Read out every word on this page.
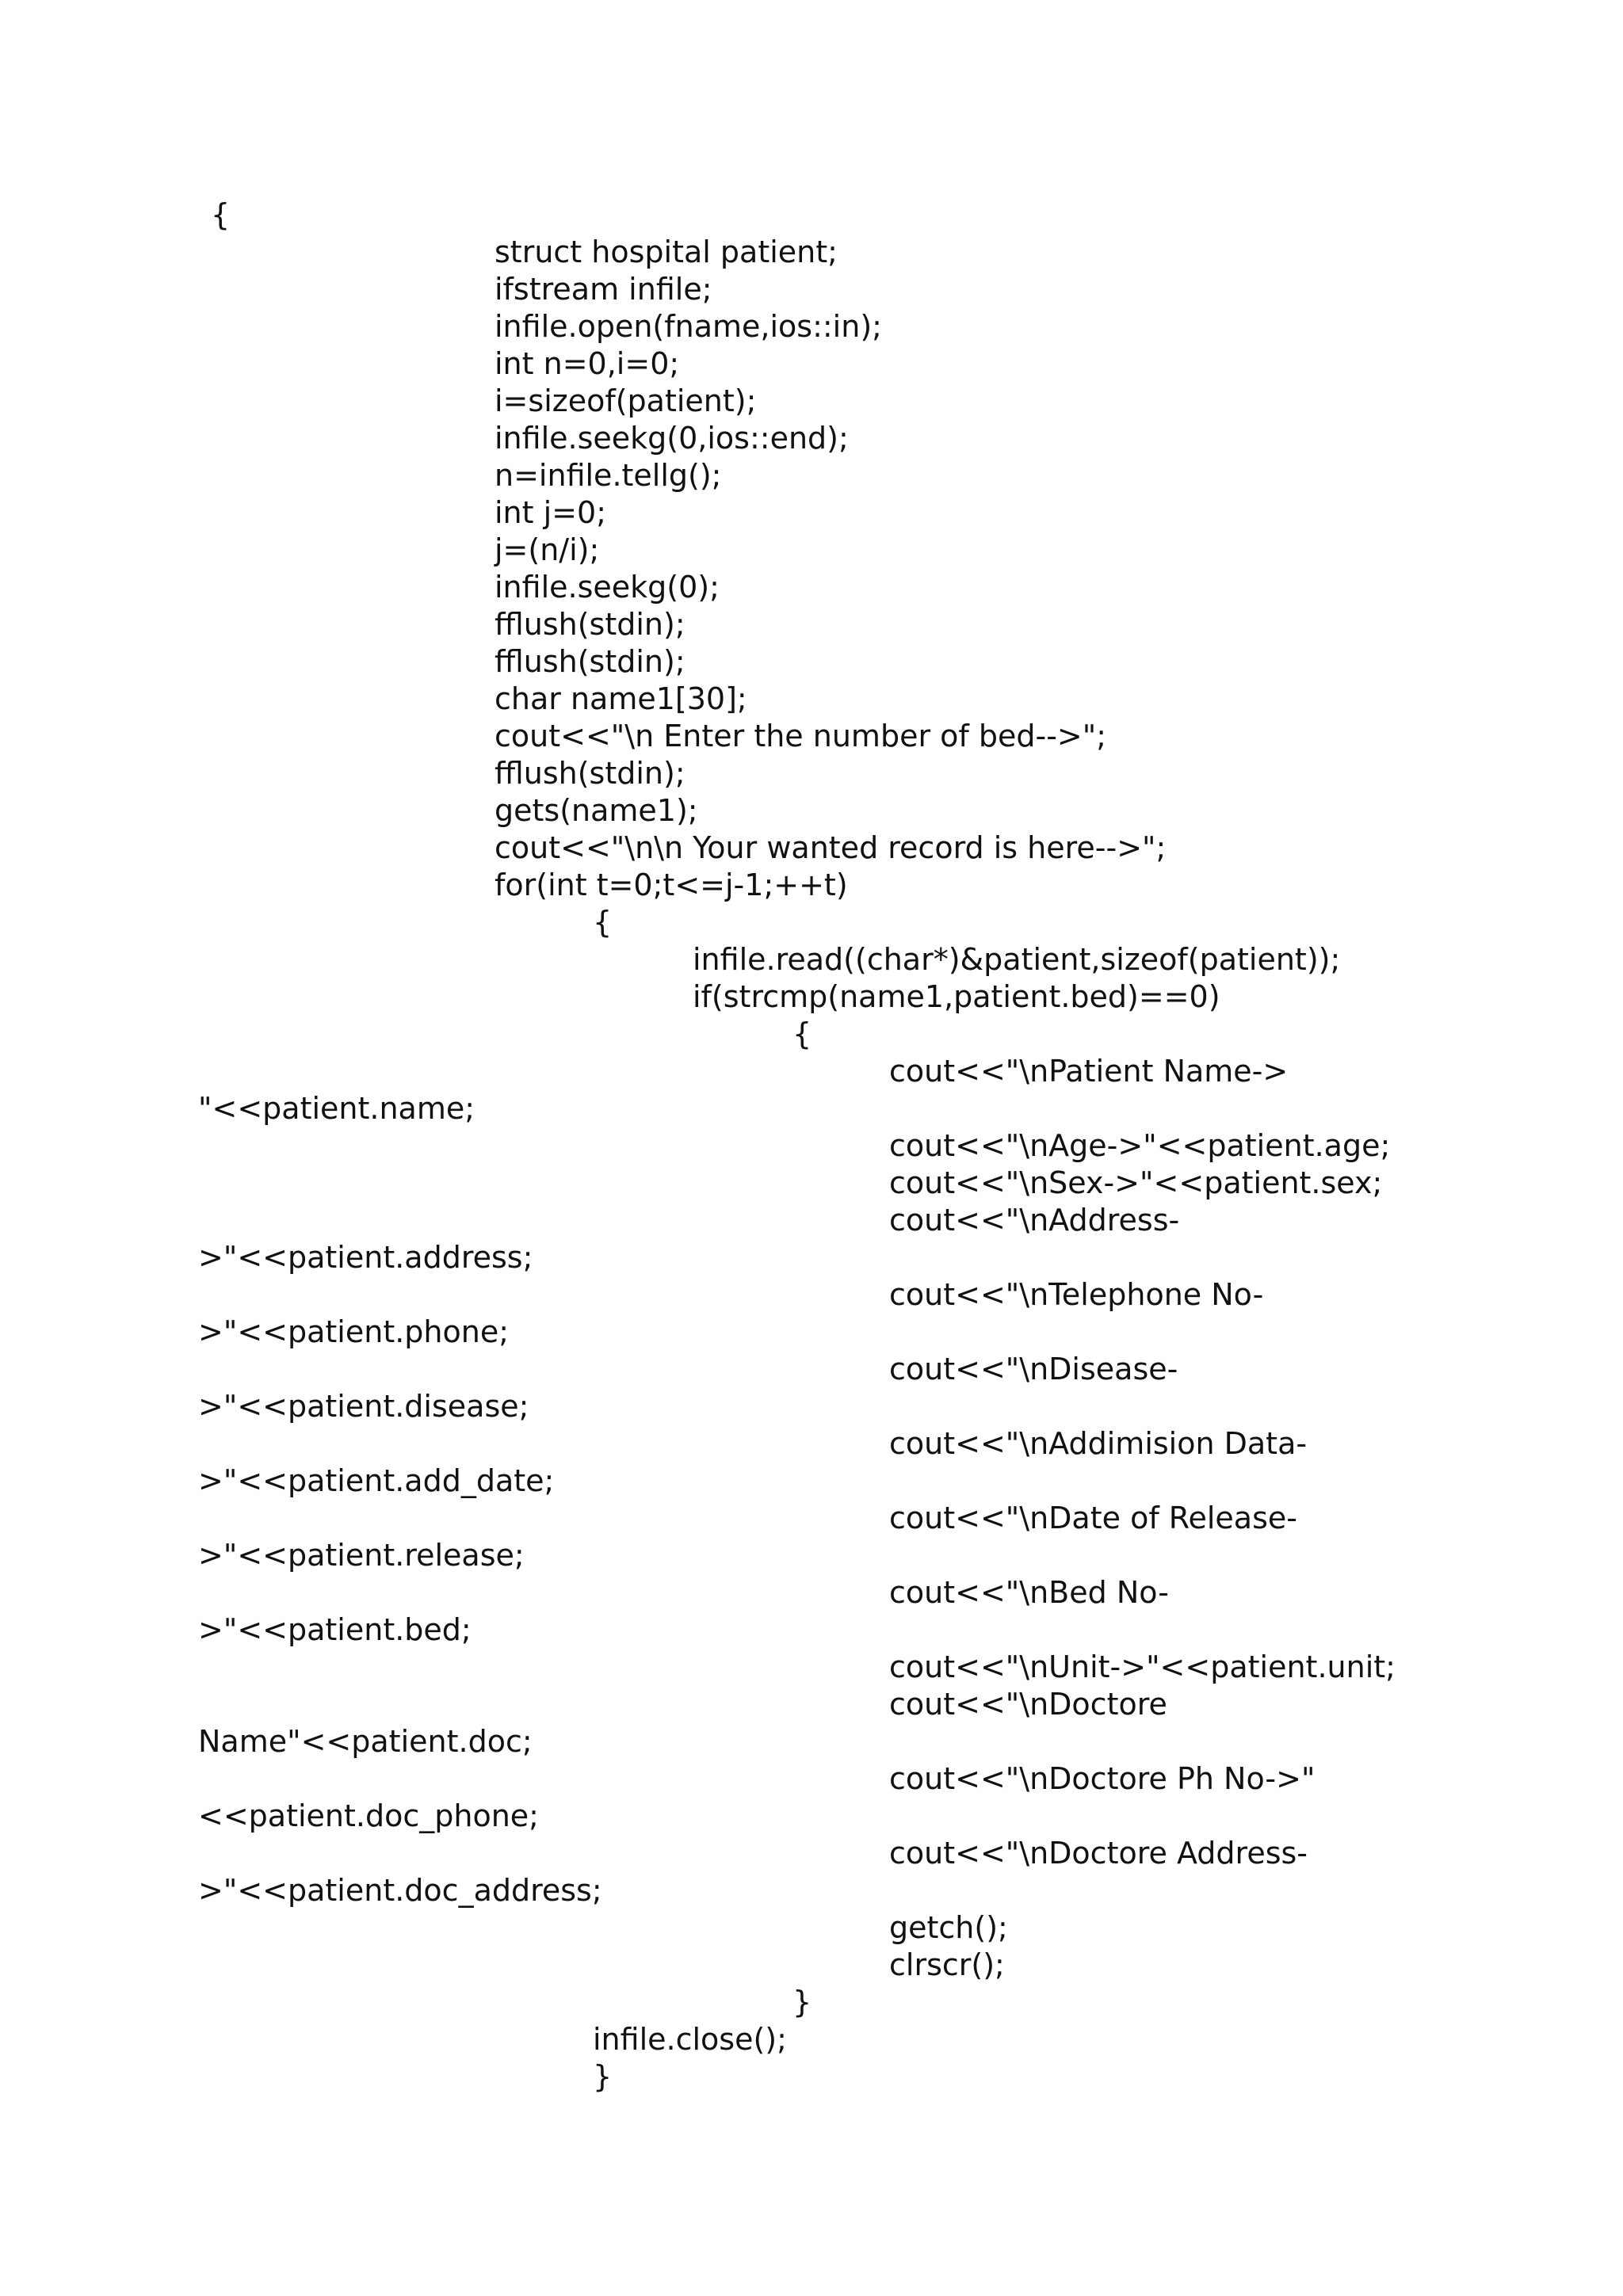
{
struct hospital patient;
ifstream infile;
infile.open(fname,ios::in);
int n=0,i=0;
i=sizeof(patient);
infile.seekg(0,ios::end);
n=infile.tellg();
int j=0;
j=(n/i);
infile.seekg(0);
fflush(stdin);
fflush(stdin);
char name1[30];
cout<<"\n Enter the number of bed-->";
fflush(stdin);
gets(name1);
cout<<"\n\n Your wanted record is here-->";
for(int t=0;t<=j-1;++t)
{
infile.read((char*)&patient,sizeof(patient));
if(strcmp(name1,patient.bed)==0)
{
cout<<"\nPatient Name->
"<<patient.name;
cout<<"\nAge->"<<patient.age;
cout<<"\nSex->"<<patient.sex;
cout<<"\nAddress-
>"<<patient.address;
cout<<"\nTelephone No-
>"<<patient.phone;
cout<<"\nDisease-
>"<<patient.disease;
cout<<"\nAddimision Data-
>"<<patient.add_date;
cout<<"\nDate of Release-
>"<<patient.release;
cout<<"\nBed No-
>"<<patient.bed;
cout<<"\nUnit->"<<patient.unit;
cout<<"\nDoctore
Name"<<patient.doc;
cout<<"\nDoctore Ph No->"
<<patient.doc_phone;
cout<<"\nDoctore Address-
>"<<patient.doc_address;
getch();
clrscr();
}
infile.close();
}
